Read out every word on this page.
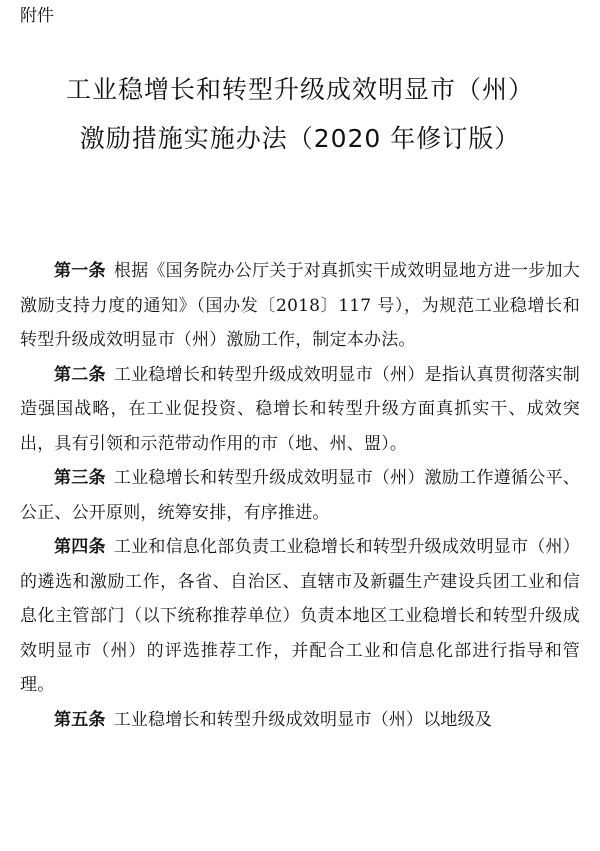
附件
工业稳增长和转型升级成效明显市（州）
激励措施实施办法（2020 年修订版）

第一条 根据《国务院办公厅关于对真抓实干成效明显地方进一步加大激励支持力度的通知》（国办发〔2018〕117 号），为规范工业稳增长和转型升级成效明显市（州）激励工作，制定本办法。

第二条 工业稳增长和转型升级成效明显市（州）是指认真贯彻落实制造强国战略，在工业促投资、稳增长和转型升级方面真抓实干、成效突出，具有引领和示范带动作用的市（地、州、盟）。

第三条 工业稳增长和转型升级成效明显市（州）激励工作遵循公平、公正、公开原则，统筹安排，有序推进。

第四条 工业和信息化部负责工业稳增长和转型升级成效明显市（州）的遴选和激励工作，各省、自治区、直辖市及新疆生产建设兵团工业和信息化主管部门（以下统称推荐单位）负责本地区工业稳增长和转型升级成效明显市（州）的评选推荐工作，并配合工业和信息化部进行指导和管理。

第五条 工业稳增长和转型升级成效明显市（州）以地级及
